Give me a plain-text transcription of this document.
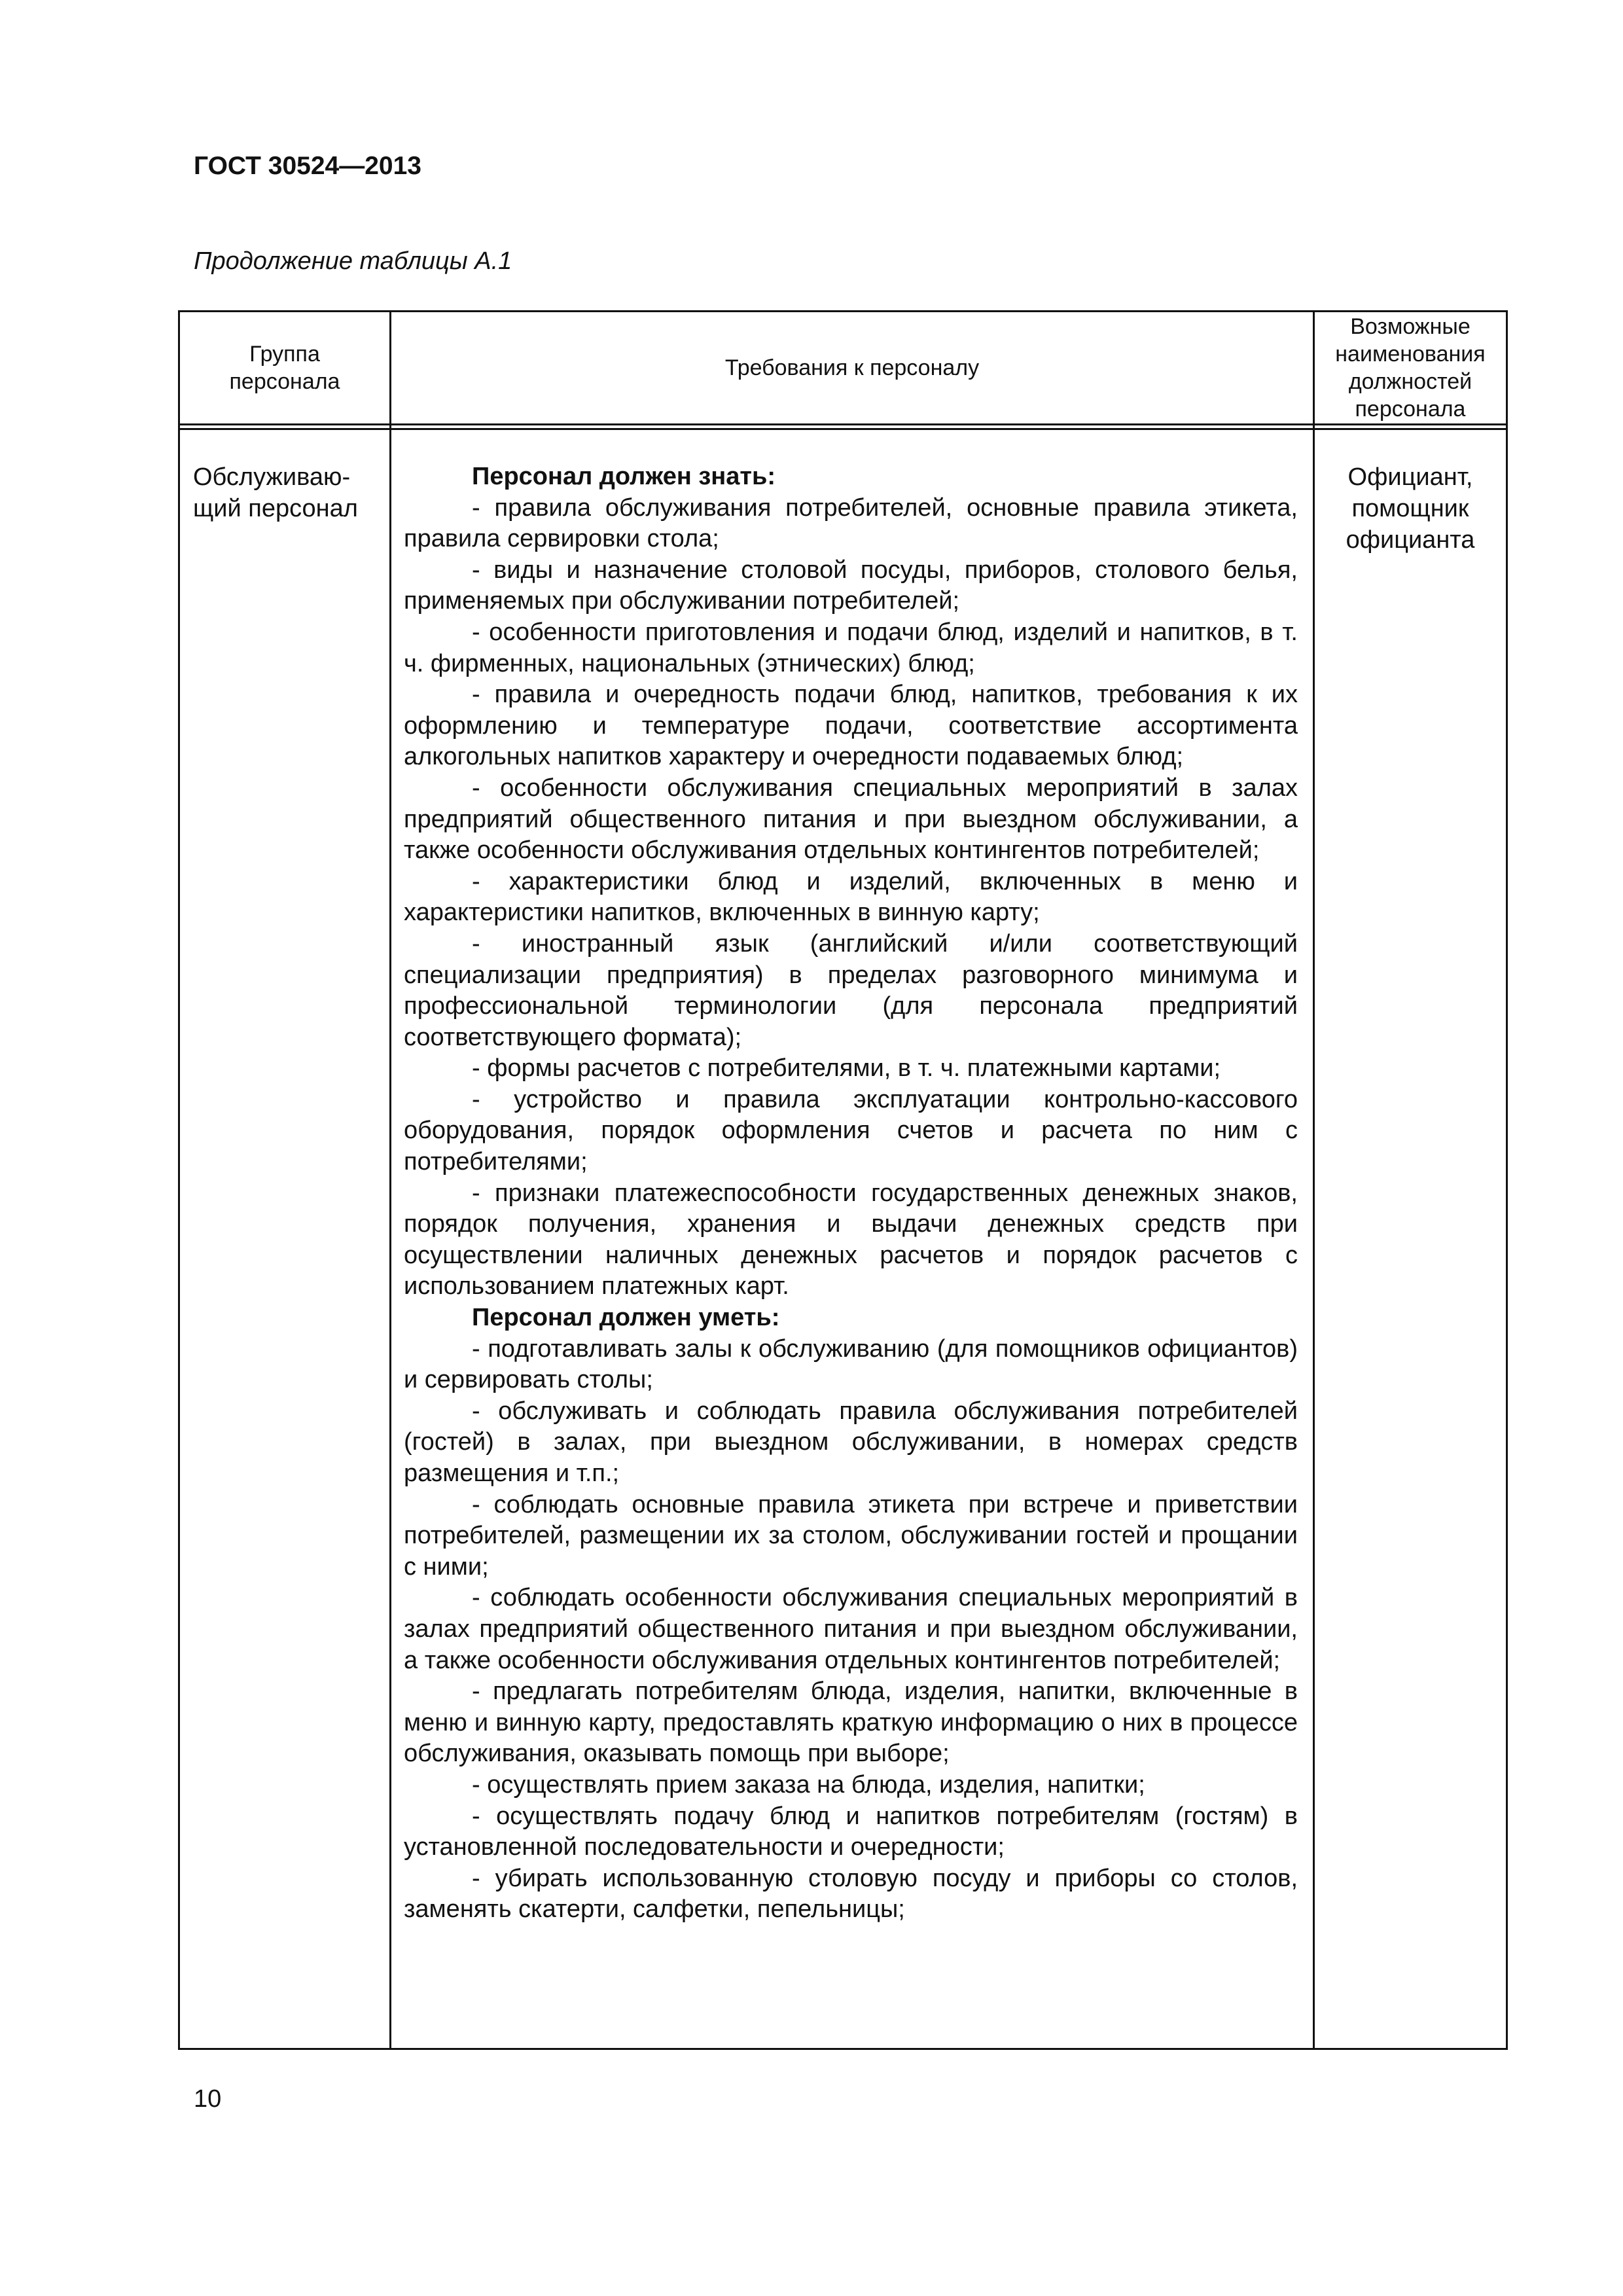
ГОСТ 30524—2013
Продолжение таблицы А.1
Группа персонала
Требования к персоналу
Возможные наименования должностей персонала
Обслуживаю-щий персонал
Официант, помощник официанта

Персонал должен знать:

- правила обслуживания потребителей, основные правила этикета, правила сервировки стола;

- виды и назначение столовой посуды, приборов, столового белья, применяемых при обслуживании потребителей;

- особенности приготовления и подачи блюд, изделий и напитков, в т. ч. фирменных, национальных (этнических) блюд;

- правила и очередность подачи блюд, напитков, требования к их оформлению и температуре подачи, соответствие ассортимента алкогольных напитков характеру и очередности подаваемых блюд;

- особенности обслуживания специальных мероприятий в залах предприятий общественного питания и при выездном обслуживании, а также особенности обслуживания отдельных контингентов потребителей;

- характеристики блюд и изделий, включенных в меню и характеристики напитков, включенных в винную карту;

- иностранный язык (английский и/или соответствующий специализации предприятия) в пределах разговорного минимума и профессиональной терминологии (для персонала предприятий соответствующего формата);

- формы расчетов с потребителями, в т. ч. платежными картами;

- устройство и правила эксплуатации контрольно-кассового оборудования, порядок оформления счетов и расчета по ним с потребителями;

- признаки платежеспособности государственных денежных знаков, порядок получения, хранения и выдачи денежных средств при осуществлении наличных денежных расчетов и порядок расчетов с использованием платежных карт.

Персонал должен уметь:

- подготавливать залы к обслуживанию (для помощников официантов) и сервировать столы;

- обслуживать и соблюдать правила обслуживания потребителей (гостей) в залах, при выездном обслуживании, в номерах средств размещения и т.п.;

- соблюдать основные правила этикета при встрече и приветствии потребителей, размещении их за столом, обслуживании гостей и прощании с ними;

- соблюдать особенности обслуживания специальных мероприятий в залах предприятий общественного питания и при выездном обслуживании, а также особенности обслуживания отдельных контингентов потребителей;

- предлагать потребителям блюда, изделия, напитки, включенные в меню и винную карту, предоставлять краткую информацию о них в процессе обслуживания, оказывать помощь при выборе;

- осуществлять прием заказа на блюда, изделия, напитки;

- осуществлять подачу блюд и напитков потребителям (гостям) в установленной последовательности и очередности;

- убирать использованную столовую посуду и приборы со столов, заменять скатерти, салфетки, пепельницы;

10
